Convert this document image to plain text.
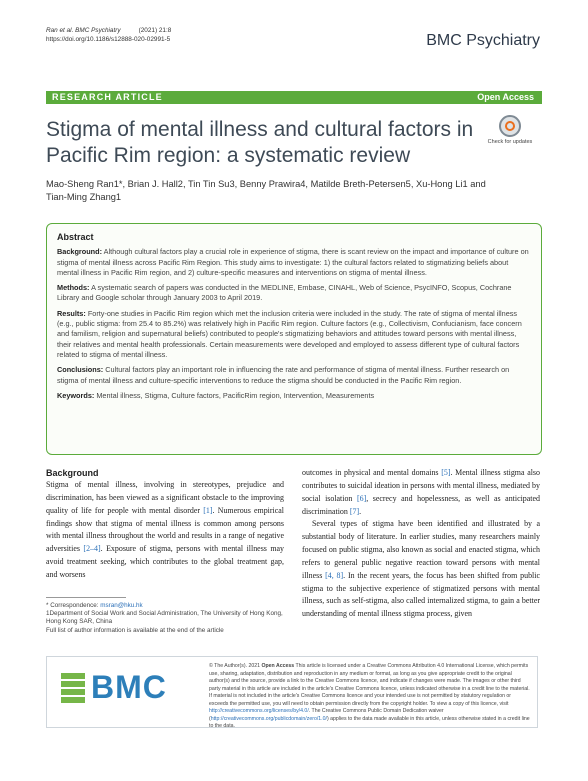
Ran et al. BMC Psychiatry	(2021) 21:8
https://doi.org/10.1186/s12888-020-02991-5	BMC Psychiatry
RESEARCH ARTICLE	Open Access
Stigma of mental illness and cultural factors in Pacific Rim region: a systematic review
Check for updates
Mao-Sheng Ran1*, Brian J. Hall2, Tin Tin Su3, Benny Prawira4, Matilde Breth-Petersen5, Xu-Hong Li1 and Tian-Ming Zhang1
Abstract

Background: Although cultural factors play a crucial role in experience of stigma, there is scant review on the impact and importance of culture on stigma of mental illness across Pacific Rim Region. This study aims to investigate: 1) the cultural factors related to stigmatizing beliefs about mental illness in Pacific Rim region, and 2) culture-specific measures and interventions on stigma of mental illness.

Methods: A systematic search of papers was conducted in the MEDLINE, Embase, CINAHL, Web of Science, PsycINFO, Scopus, Cochrane Library and Google scholar through January 2003 to April 2019.

Results: Forty-one studies in Pacific Rim region which met the inclusion criteria were included in the study. The rate of stigma of mental illness (e.g., public stigma: from 25.4 to 85.2%) was relatively high in Pacific Rim region. Culture factors (e.g., Collectivism, Confucianism, face concern and familism, religion and supernatural beliefs) contributed to people's stigmatizing behaviors and attitudes toward persons with mental illness, their relatives and mental health professionals. Certain measurements were developed and employed to assess different type of cultural factors related to stigma of mental illness.

Conclusions: Cultural factors play an important role in influencing the rate and performance of stigma of mental illness. Further research on stigma of mental illness and culture-specific interventions to reduce the stigma should be conducted in the Pacific Rim region.

Keywords: Mental illness, Stigma, Culture factors, PacificRim region, Intervention, Measurements

Background

Stigma of mental illness, involving in stereotypes, prejudice and discrimination, has been viewed as a significant obstacle to the improving quality of life for people with mental disorder [1]. Numerous empirical findings show that stigma of mental illness is common among persons with mental illness throughout the world and results in a range of negative adversities [2–4]. Exposure of stigma, persons with mental illness may avoid treatment seeking, which contributes to the global treatment gap, and worsens

outcomes in physical and mental domains [5]. Mental illness stigma also contributes to suicidal ideation in persons with mental illness, mediated by social isolation [6], secrecy and hopelessness, as well as anticipated discrimination [7].

Several types of stigma have been identified and illustrated by a substantial body of literature. In earlier studies, many researchers mainly focused on public stigma, also known as social and enacted stigma, which refers to general public negative reaction toward persons with mental illness [4, 8]. In the recent years, the focus has been shifted from public stigma to the subjective experience of stigmatized persons with mental illness, such as self-stigma, also called internalized stigma, to gain a better understanding of mental illness stigma process, given

* Correspondence: msran@hku.hk
1Department of Social Work and Social Administration, The University of Hong Kong, Hong Kong SAR, China
Full list of author information is available at the end of the article
BMC
© The Author(s). 2021 Open Access This article is licensed under a Creative Commons Attribution 4.0 International License, which permits use, sharing, adaptation, distribution and reproduction in any medium or format, as long as you give appropriate credit to the original author(s) and the source, provide a link to the Creative Commons licence, and indicate if changes were made. The images or other third party material in this article are included in the article's Creative Commons licence, unless indicated otherwise in a credit line to the material. If material is not included in the article's Creative Commons licence and your intended use is not permitted by statutory regulation or exceeds the permitted use, you will need to obtain permission directly from the copyright holder. To view a copy of this licence, visit http://creativecommons.org/licenses/by/4.0/. The Creative Commons Public Domain Dedication waiver (http://creativecommons.org/publicdomain/zero/1.0/) applies to the data made available in this article, unless otherwise stated in a credit line to the data.
